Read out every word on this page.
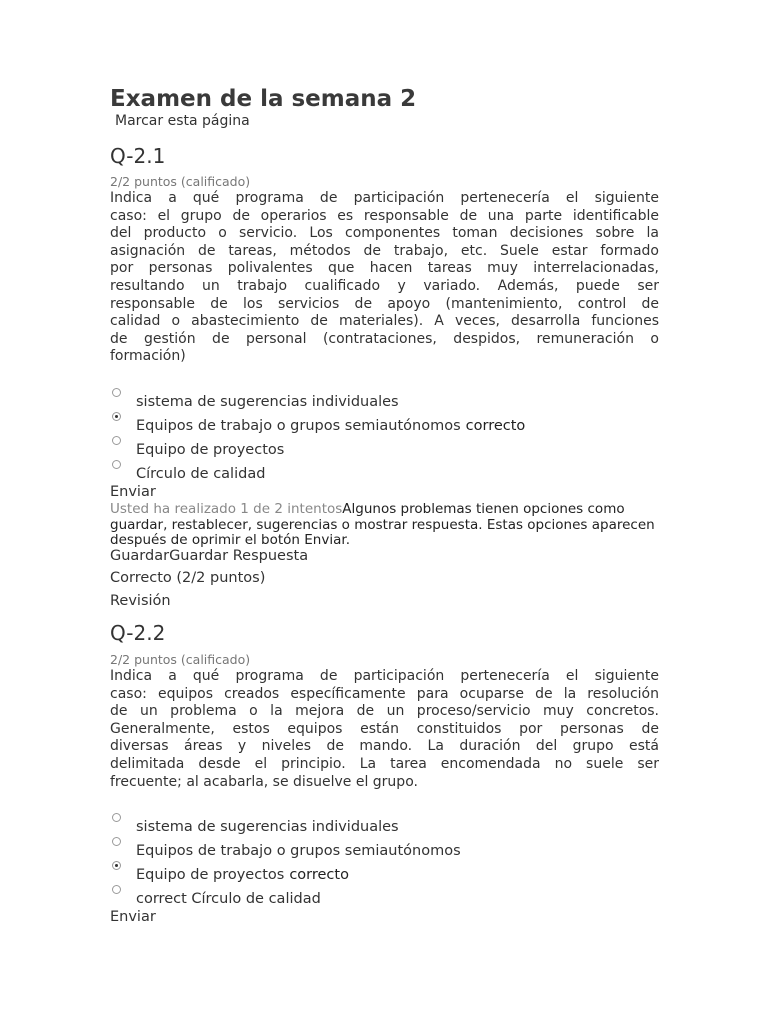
Examen de la semana 2
Marcar esta página
Q-2.1
2/2 puntos (calificado)
Indica a qué programa de participación pertenecería el siguiente
caso: el grupo de operarios es responsable de una parte identificable
del producto o servicio. Los componentes toman decisiones sobre la
asignación de tareas, métodos de trabajo, etc. Suele estar formado
por personas polivalentes que hacen tareas muy interrelacionadas,
resultando un trabajo cualificado y variado. Además, puede ser
responsable de los servicios de apoyo (mantenimiento, control de
calidad o abastecimiento de materiales). A veces, desarrolla funciones
de gestión de personal (contrataciones, despidos, remuneración o
formación)
sistema de sugerencias individuales
Equipos de trabajo o grupos semiautónomos correcto
Equipo de proyectos
Círculo de calidad
Enviar
Usted ha realizado 1 de 2 intentosAlgunos problemas tienen opciones como guardar, restablecer, sugerencias o mostrar respuesta. Estas opciones aparecen después de oprimir el botón Enviar.
GuardarGuardar Respuesta
Correcto (2/2 puntos)
Revisión
Q-2.2
2/2 puntos (calificado)
Indica a qué programa de participación pertenecería el siguiente
caso: equipos creados específicamente para ocuparse de la resolución
de un problema o la mejora de un proceso/servicio muy concretos.
Generalmente, estos equipos están constituidos por personas de
diversas áreas y niveles de mando. La duración del grupo está
delimitada desde el principio. La tarea encomendada no suele ser
frecuente; al acabarla, se disuelve el grupo.
sistema de sugerencias individuales
Equipos de trabajo o grupos semiautónomos
Equipo de proyectos correcto
correct Círculo de calidad
Enviar
